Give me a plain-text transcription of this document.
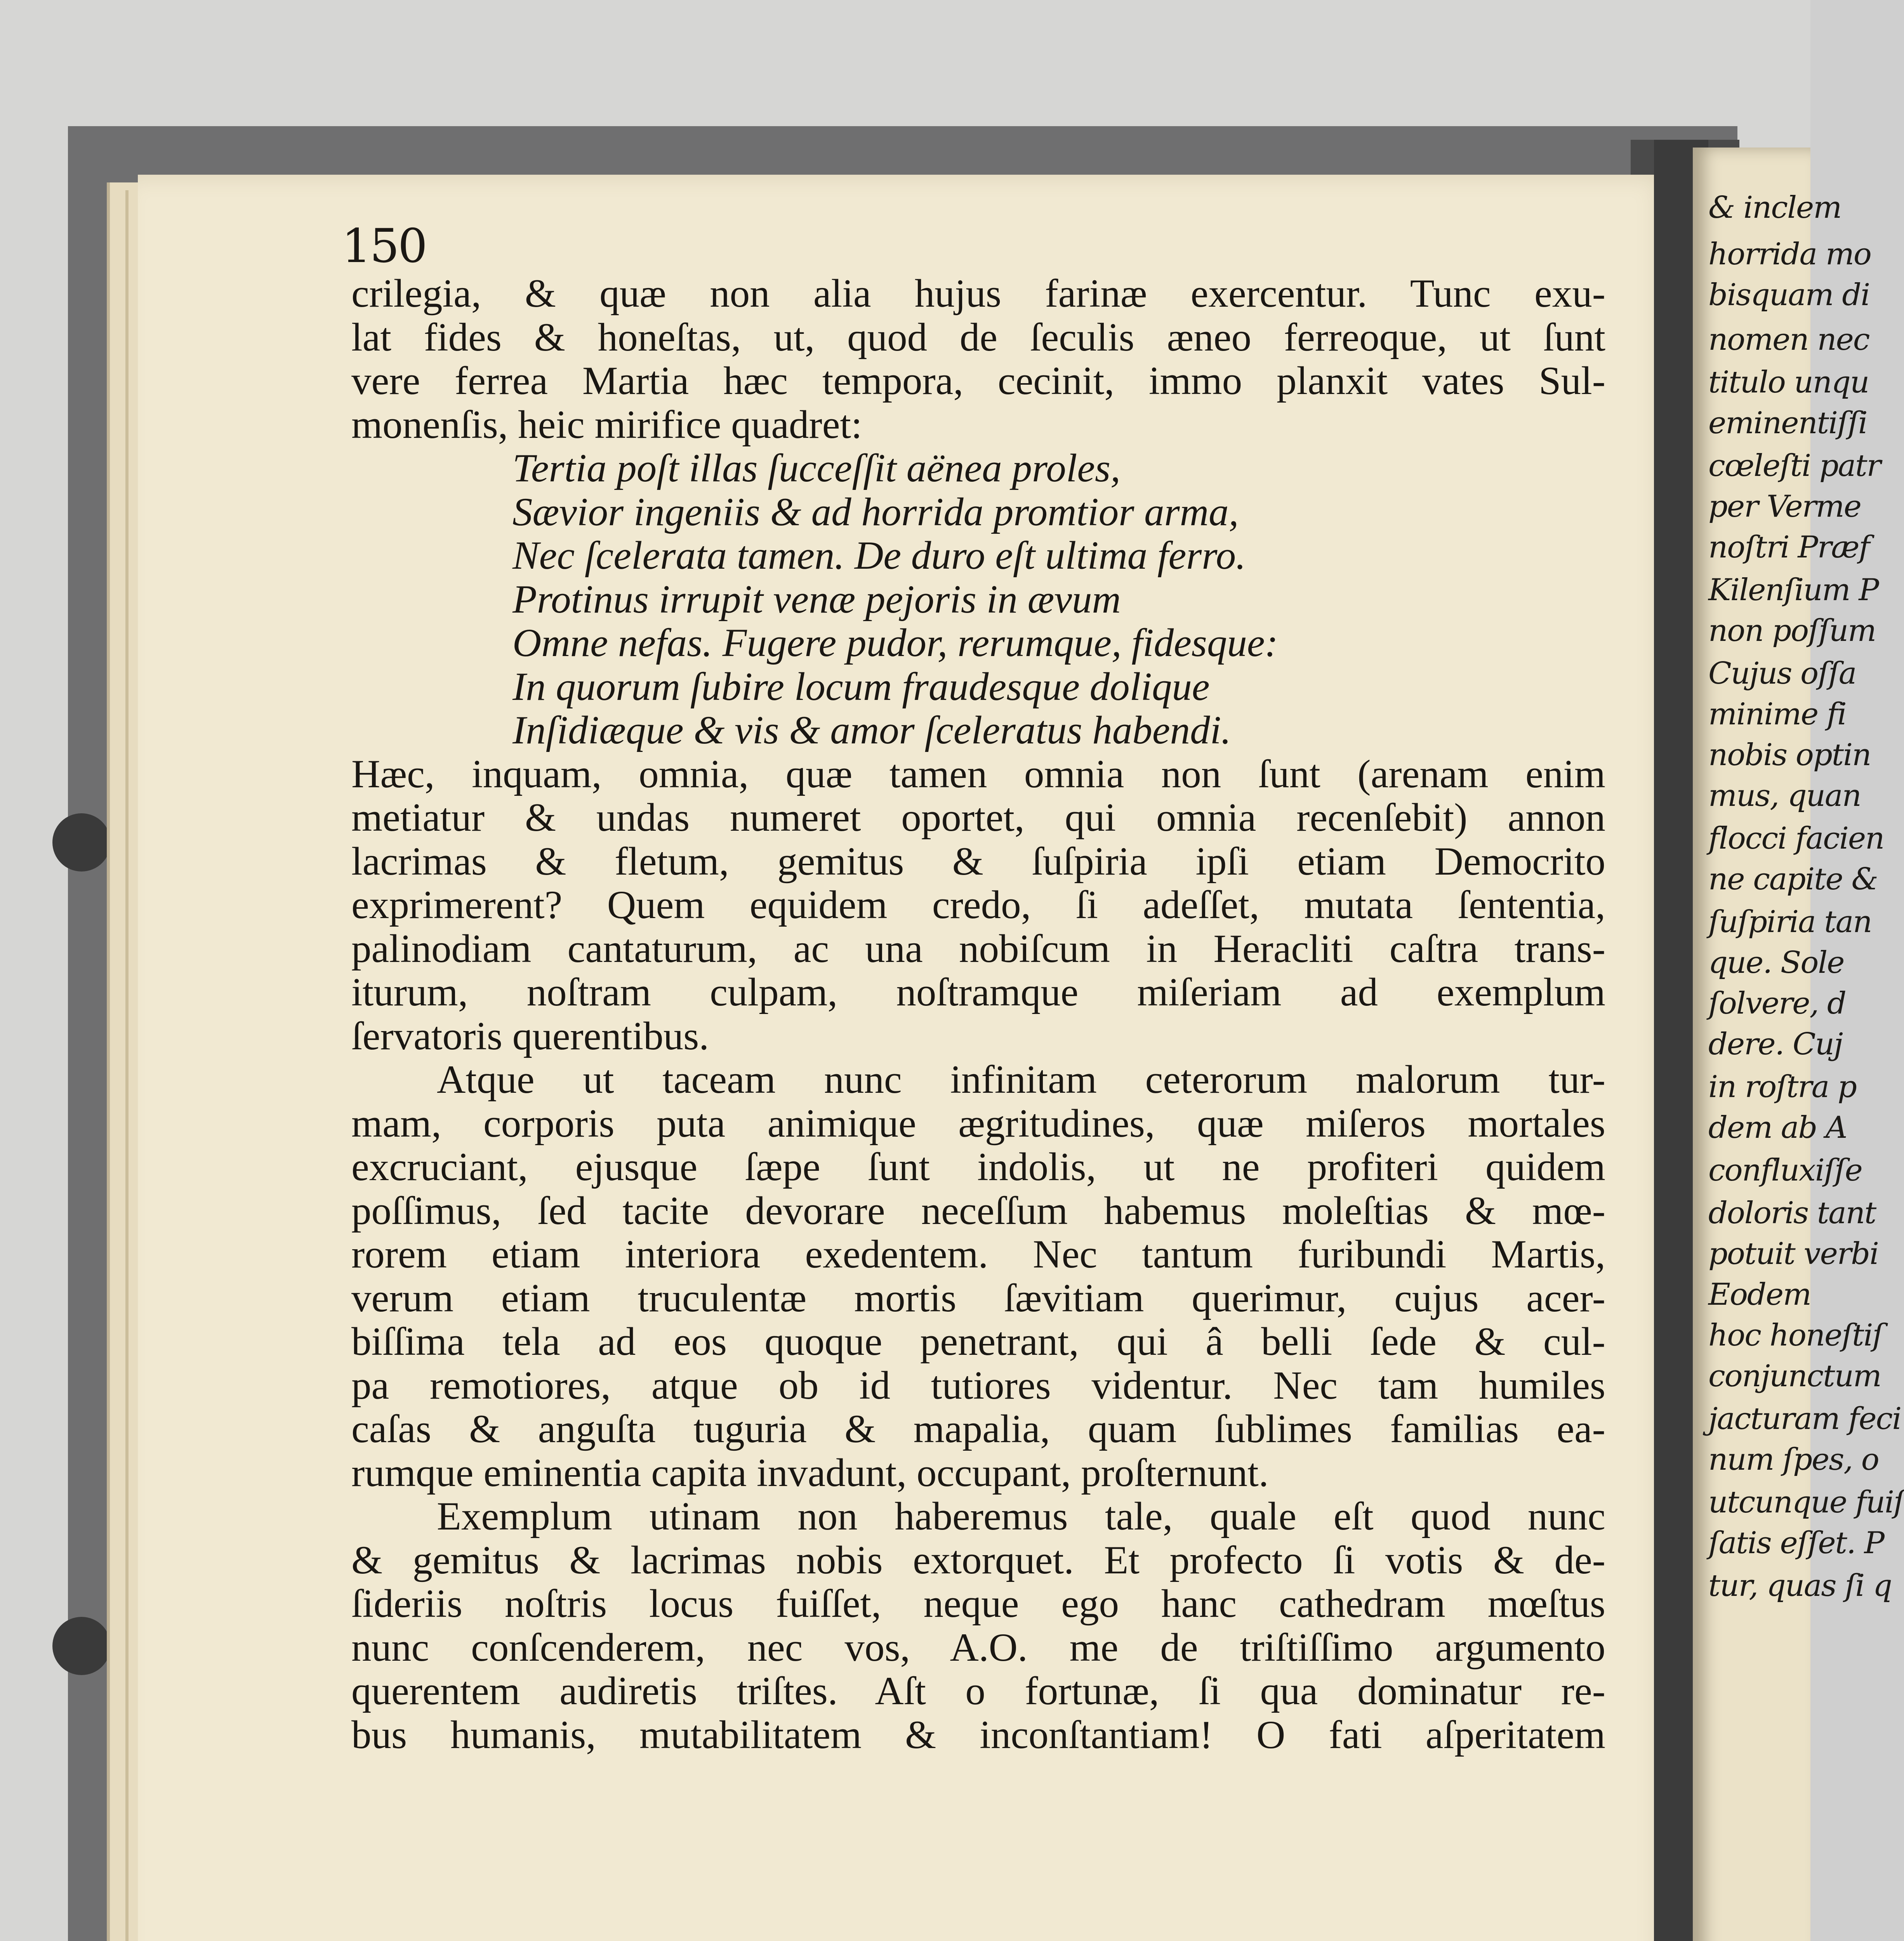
& inclem
horrida mo
bisquam di
nomen nec
titulo unqu
eminentiſſi
cœleſti patr
per Verme
noſtri Præf
Kilenſium P
non poſſum
Cujus oſſa
minime fi
nobis optin
mus, quan
flocci facien
ne capite &
ſuſpiria tan
que. Sole
ſolvere, d
dere. Cuj
in roſtra p
dem ab A
confluxiſſe
doloris tant
potuit verbi
Eodem
hoc honeſtiſ
conjunctum
jacturam feci
num ſpes, o
utcunque fuiſ
ſatis eſſet. P
tur, quas ſi q
150
crilegia, & quæ non alia hujus farinæ exercentur. Tunc exu-
lat fides & honeſtas, ut, quod de ſeculis æneo ferreoque, ut ſunt
vere ferrea Martia hæc tempora, cecinit, immo planxit vates Sul-
monenſis, heic mirifice quadret:
Tertia poſt illas ſucceſſit aënea proles,
Sævior ingeniis & ad horrida promtior arma,
Nec ſcelerata tamen. De duro eſt ultima ferro.
Protinus irrupit venæ pejoris in ævum
Omne nefas. Fugere pudor, rerumque, fidesque:
In quorum ſubire locum fraudesque dolique
Inſidiæque & vis & amor ſceleratus habendi.
Hæc, inquam, omnia, quæ tamen omnia non ſunt (arenam enim
metiatur & undas numeret oportet, qui omnia recenſebit) annon
lacrimas & fletum, gemitus & ſuſpiria ipſi etiam Democrito
exprimerent? Quem equidem credo, ſi adeſſet, mutata ſententia,
palinodiam cantaturum, ac una nobiſcum in Heracliti caſtra trans-
iturum, noſtram culpam, noſtramque miſeriam ad exemplum
ſervatoris querentibus.
Atque ut taceam nunc infinitam ceterorum malorum tur-
mam, corporis puta animique ægritudines, quæ miſeros mortales
excruciant, ejusque ſæpe ſunt indolis, ut ne profiteri quidem
poſſimus, ſed tacite devorare neceſſum habemus moleſtias & mœ-
rorem etiam interiora exedentem. Nec tantum furibundi Martis,
verum etiam truculentæ mortis ſævitiam querimur, cujus acer-
biſſima tela ad eos quoque penetrant, qui â belli ſede & cul-
pa remotiores, atque ob id tutiores videntur. Nec tam humiles
caſas & anguſta tuguria & mapalia, quam ſublimes familias ea-
rumque eminentia capita invadunt, occupant, proſternunt.
Exemplum utinam non haberemus tale, quale eſt quod nunc
& gemitus & lacrimas nobis extorquet. Et profecto ſi votis & de-
ſideriis noſtris locus fuiſſet, neque ego hanc cathedram mœſtus
nunc conſcenderem, nec vos, A.O. me de triſtiſſimo argumento
querentem audiretis triſtes. Aſt o fortunæ, ſi qua dominatur re-
bus humanis, mutabilitatem & inconſtantiam! O fati aſperitatem
